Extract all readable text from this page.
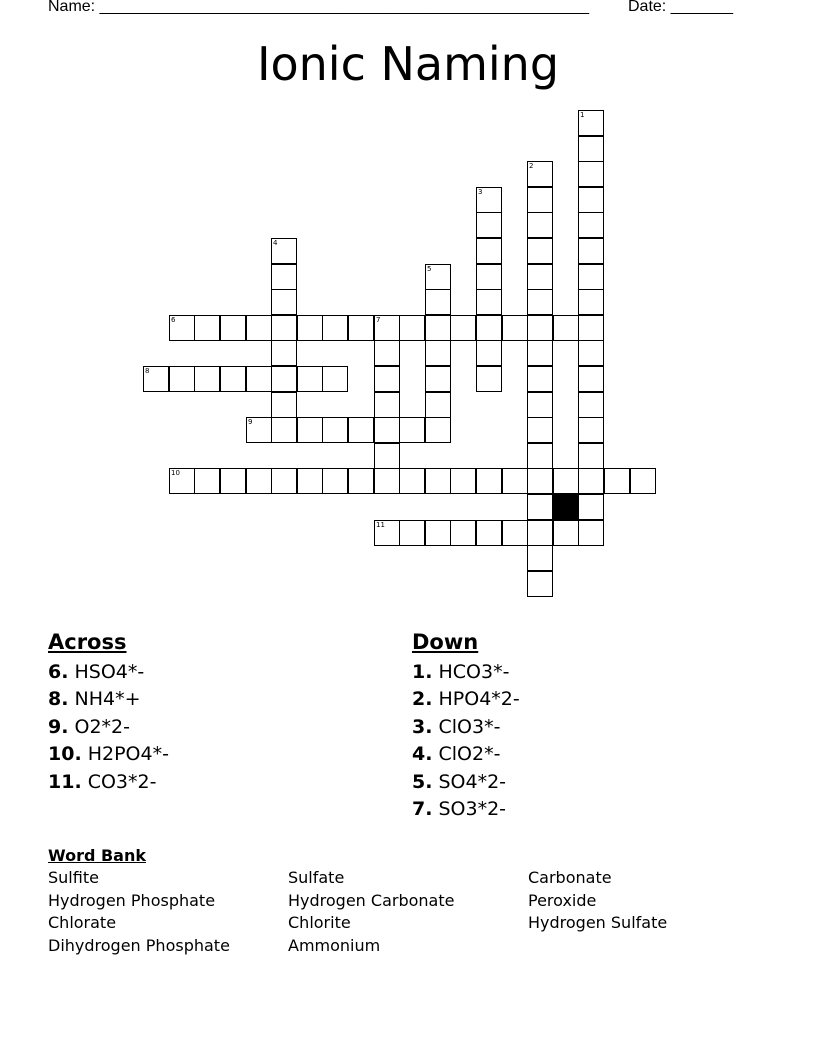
Name: _______________________________________________________ Date: _______
Ionic Naming
1
2
3
4
5
6	7
8
9
10
11
Across
6. HSO4*-
8. NH4*+
9. O2*2-
10. H2PO4*-
11. CO3*2-
Down
1. HCO3*-
2. HPO4*2-
3. ClO3*-
4. ClO2*-
5. SO4*2-
7. SO3*2-
Word Bank
Sulfite	Sulfate	Carbonate
Hydrogen Phosphate	Hydrogen Carbonate	Peroxide
Chlorate	Chlorite	Hydrogen Sulfate
Dihydrogen Phosphate	Ammonium
